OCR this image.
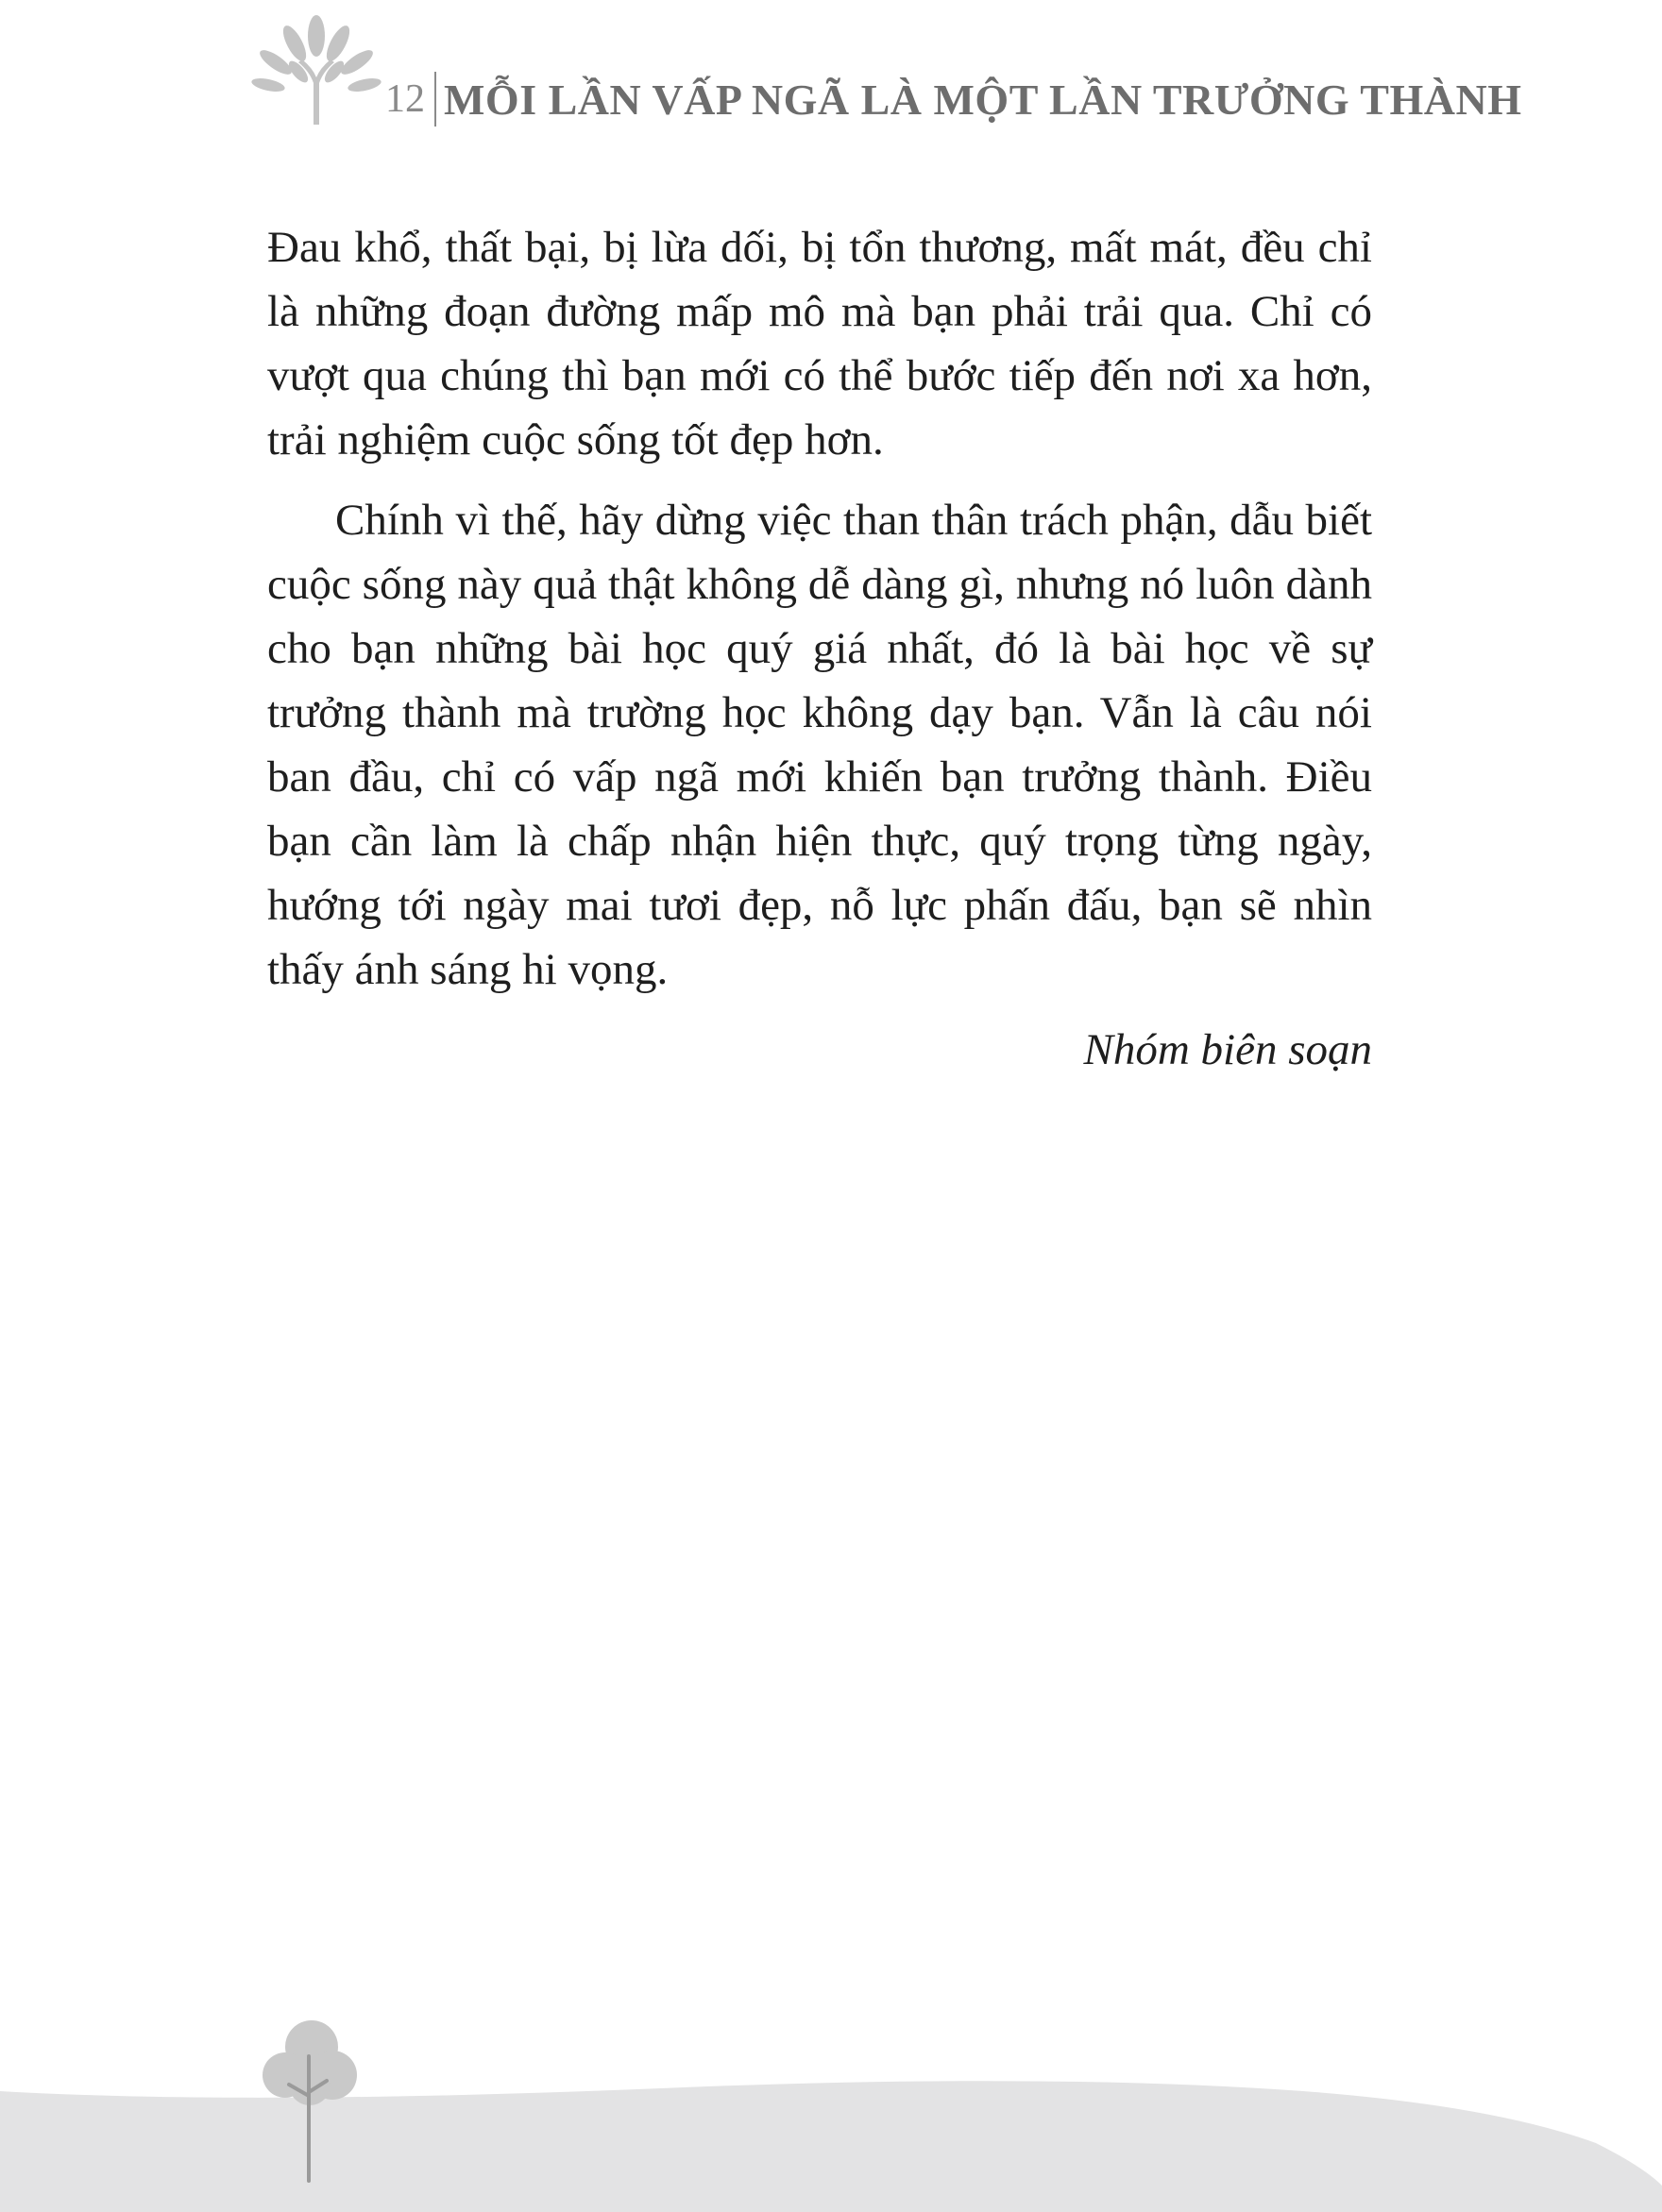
12 MỖI LẦN VẤP NGÃ LÀ MỘT LẦN TRƯỞNG THÀNH

Đau khổ, thất bại, bị lừa dối, bị tổn thương, mất mát, đều chỉ là những đoạn đường mấp mô mà bạn phải trải qua. Chỉ có vượt qua chúng thì bạn mới có thể bước tiếp đến nơi xa hơn, trải nghiệm cuộc sống tốt đẹp hơn.

Chính vì thế, hãy dừng việc than thân trách phận, dẫu biết cuộc sống này quả thật không dễ dàng gì, nhưng nó luôn dành cho bạn những bài học quý giá nhất, đó là bài học về sự trưởng thành mà trường học không dạy bạn. Vẫn là câu nói ban đầu, chỉ có vấp ngã mới khiến bạn trưởng thành. Điều bạn cần làm là chấp nhận hiện thực, quý trọng từng ngày, hướng tới ngày mai tươi đẹp, nỗ lực phấn đấu, bạn sẽ nhìn thấy ánh sáng hi vọng.

Nhóm biên soạn
